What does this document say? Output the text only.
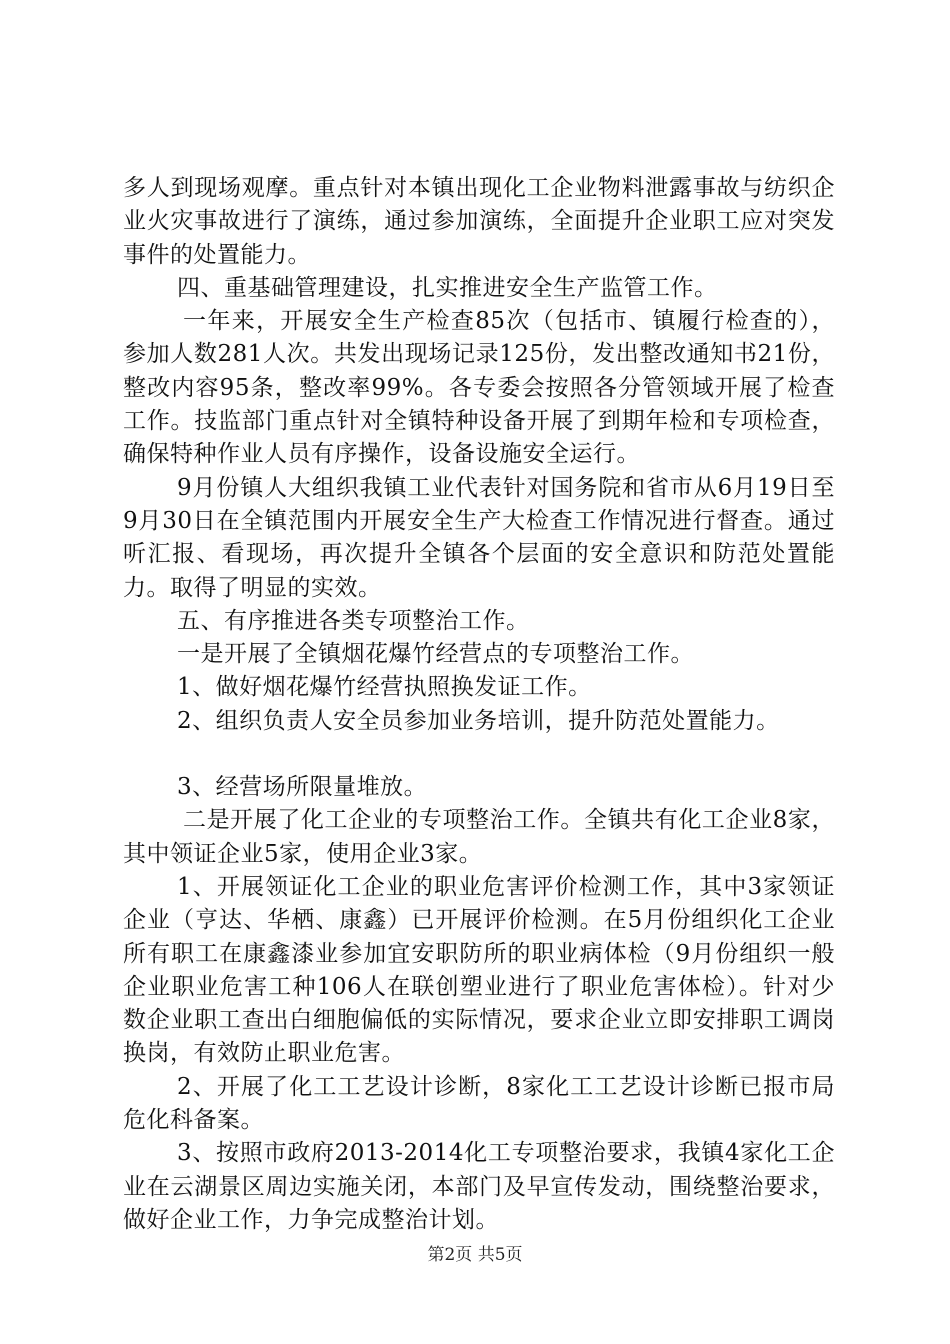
多人到现场观摩。重点针对本镇出现化工企业物料泄露事故与纺织企业火灾事故进行了演练，通过参加演练，全面提升企业职工应对突发事件的处置能力。

四、重基础管理建设，扎实推进安全生产监管工作。

一年来，开展安全生产检查85次（包括市、镇履行检查的），参加人数281人次。共发出现场记录125份，发出整改通知书21份，整改内容95条，整改率99%。各专委会按照各分管领域开展了检查工作。技监部门重点针对全镇特种设备开展了到期年检和专项检查，确保特种作业人员有序操作，设备设施安全运行。

9月份镇人大组织我镇工业代表针对国务院和省市从6月19日至9月30日在全镇范围内开展安全生产大检查工作情况进行督查。通过听汇报、看现场，再次提升全镇各个层面的安全意识和防范处置能力。取得了明显的实效。

五、有序推进各类专项整治工作。

一是开展了全镇烟花爆竹经营点的专项整治工作。

1、做好烟花爆竹经营执照换发证工作。

2、组织负责人安全员参加业务培训，提升防范处置能力。

3、经营场所限量堆放。

二是开展了化工企业的专项整治工作。全镇共有化工企业8家，其中领证企业5家，使用企业3家。

1、开展领证化工企业的职业危害评价检测工作，其中3家领证企业（亨达、华栖、康鑫）已开展评价检测。在5月份组织化工企业所有职工在康鑫漆业参加宜安职防所的职业病体检（9月份组织一般企业职业危害工种106人在联创塑业进行了职业危害体检）。针对少数企业职工查出白细胞偏低的实际情况，要求企业立即安排职工调岗换岗，有效防止职业危害。

2、开展了化工工艺设计诊断，8家化工工艺设计诊断已报市局危化科备案。

3、按照市政府2013-2014化工专项整治要求，我镇4家化工企业在云湖景区周边实施关闭，本部门及早宣传发动，围绕整治要求，做好企业工作，力争完成整治计划。

第2页 共5页
